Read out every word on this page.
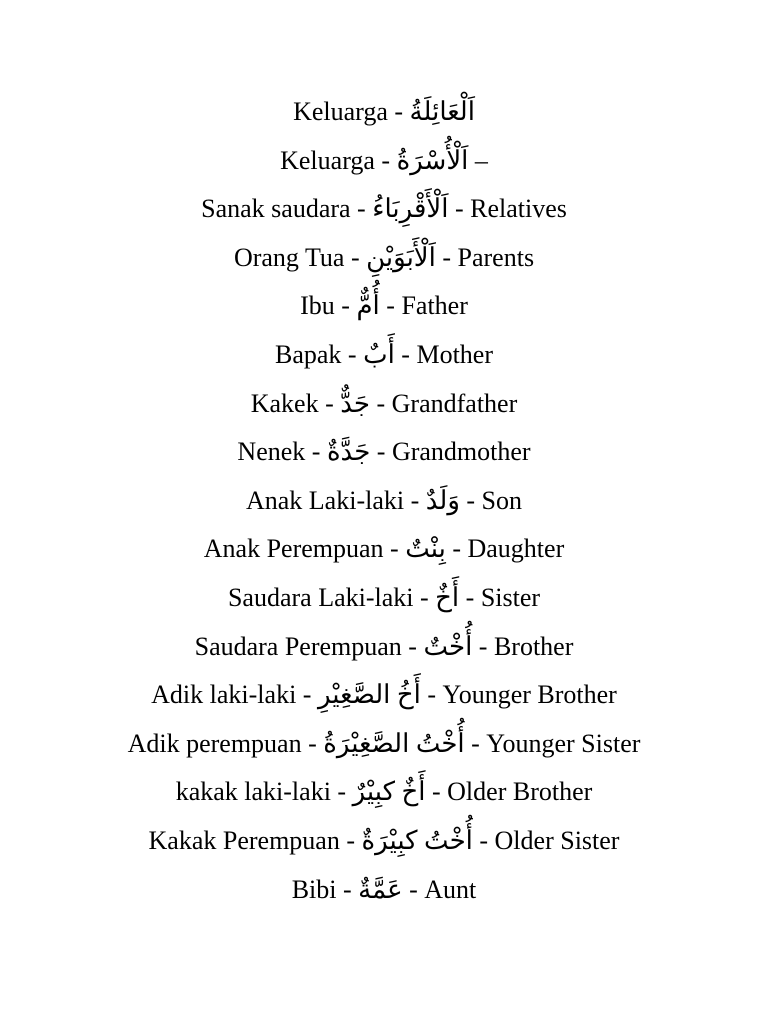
Keluarga - اَلْعَائِلَةُ
Keluarga - اَلْأُسْرَةُ –
Sanak saudara - اَلْأَقْرِبَاءُ - Relatives
Orang Tua - اَلْأَبَوَيْنِ - Parents
Ibu - أُمٌّ - Father
Bapak - أَبٌ - Mother
Kakek - جَدٌّ - Grandfather
Nenek - جَدَّةٌ - Grandmother
Anak Laki-laki - وَلَدٌ - Son
Anak Perempuan - بِنْتٌ - Daughter
Saudara Laki-laki - أَخٌ - Sister
Saudara Perempuan - أُخْتٌ - Brother
Adik laki-laki - أَخُ الصَّغِيْرِ - Younger Brother
Adik perempuan - أُخْتُ الصَّغِيْرَةُ - Younger Sister
kakak laki-laki - أَخٌ كبِيْرٌ - Older Brother
Kakak Perempuan - أُخْتُ كبِيْرَةٌ - Older Sister
Bibi - عَمَّةٌ - Aunt
